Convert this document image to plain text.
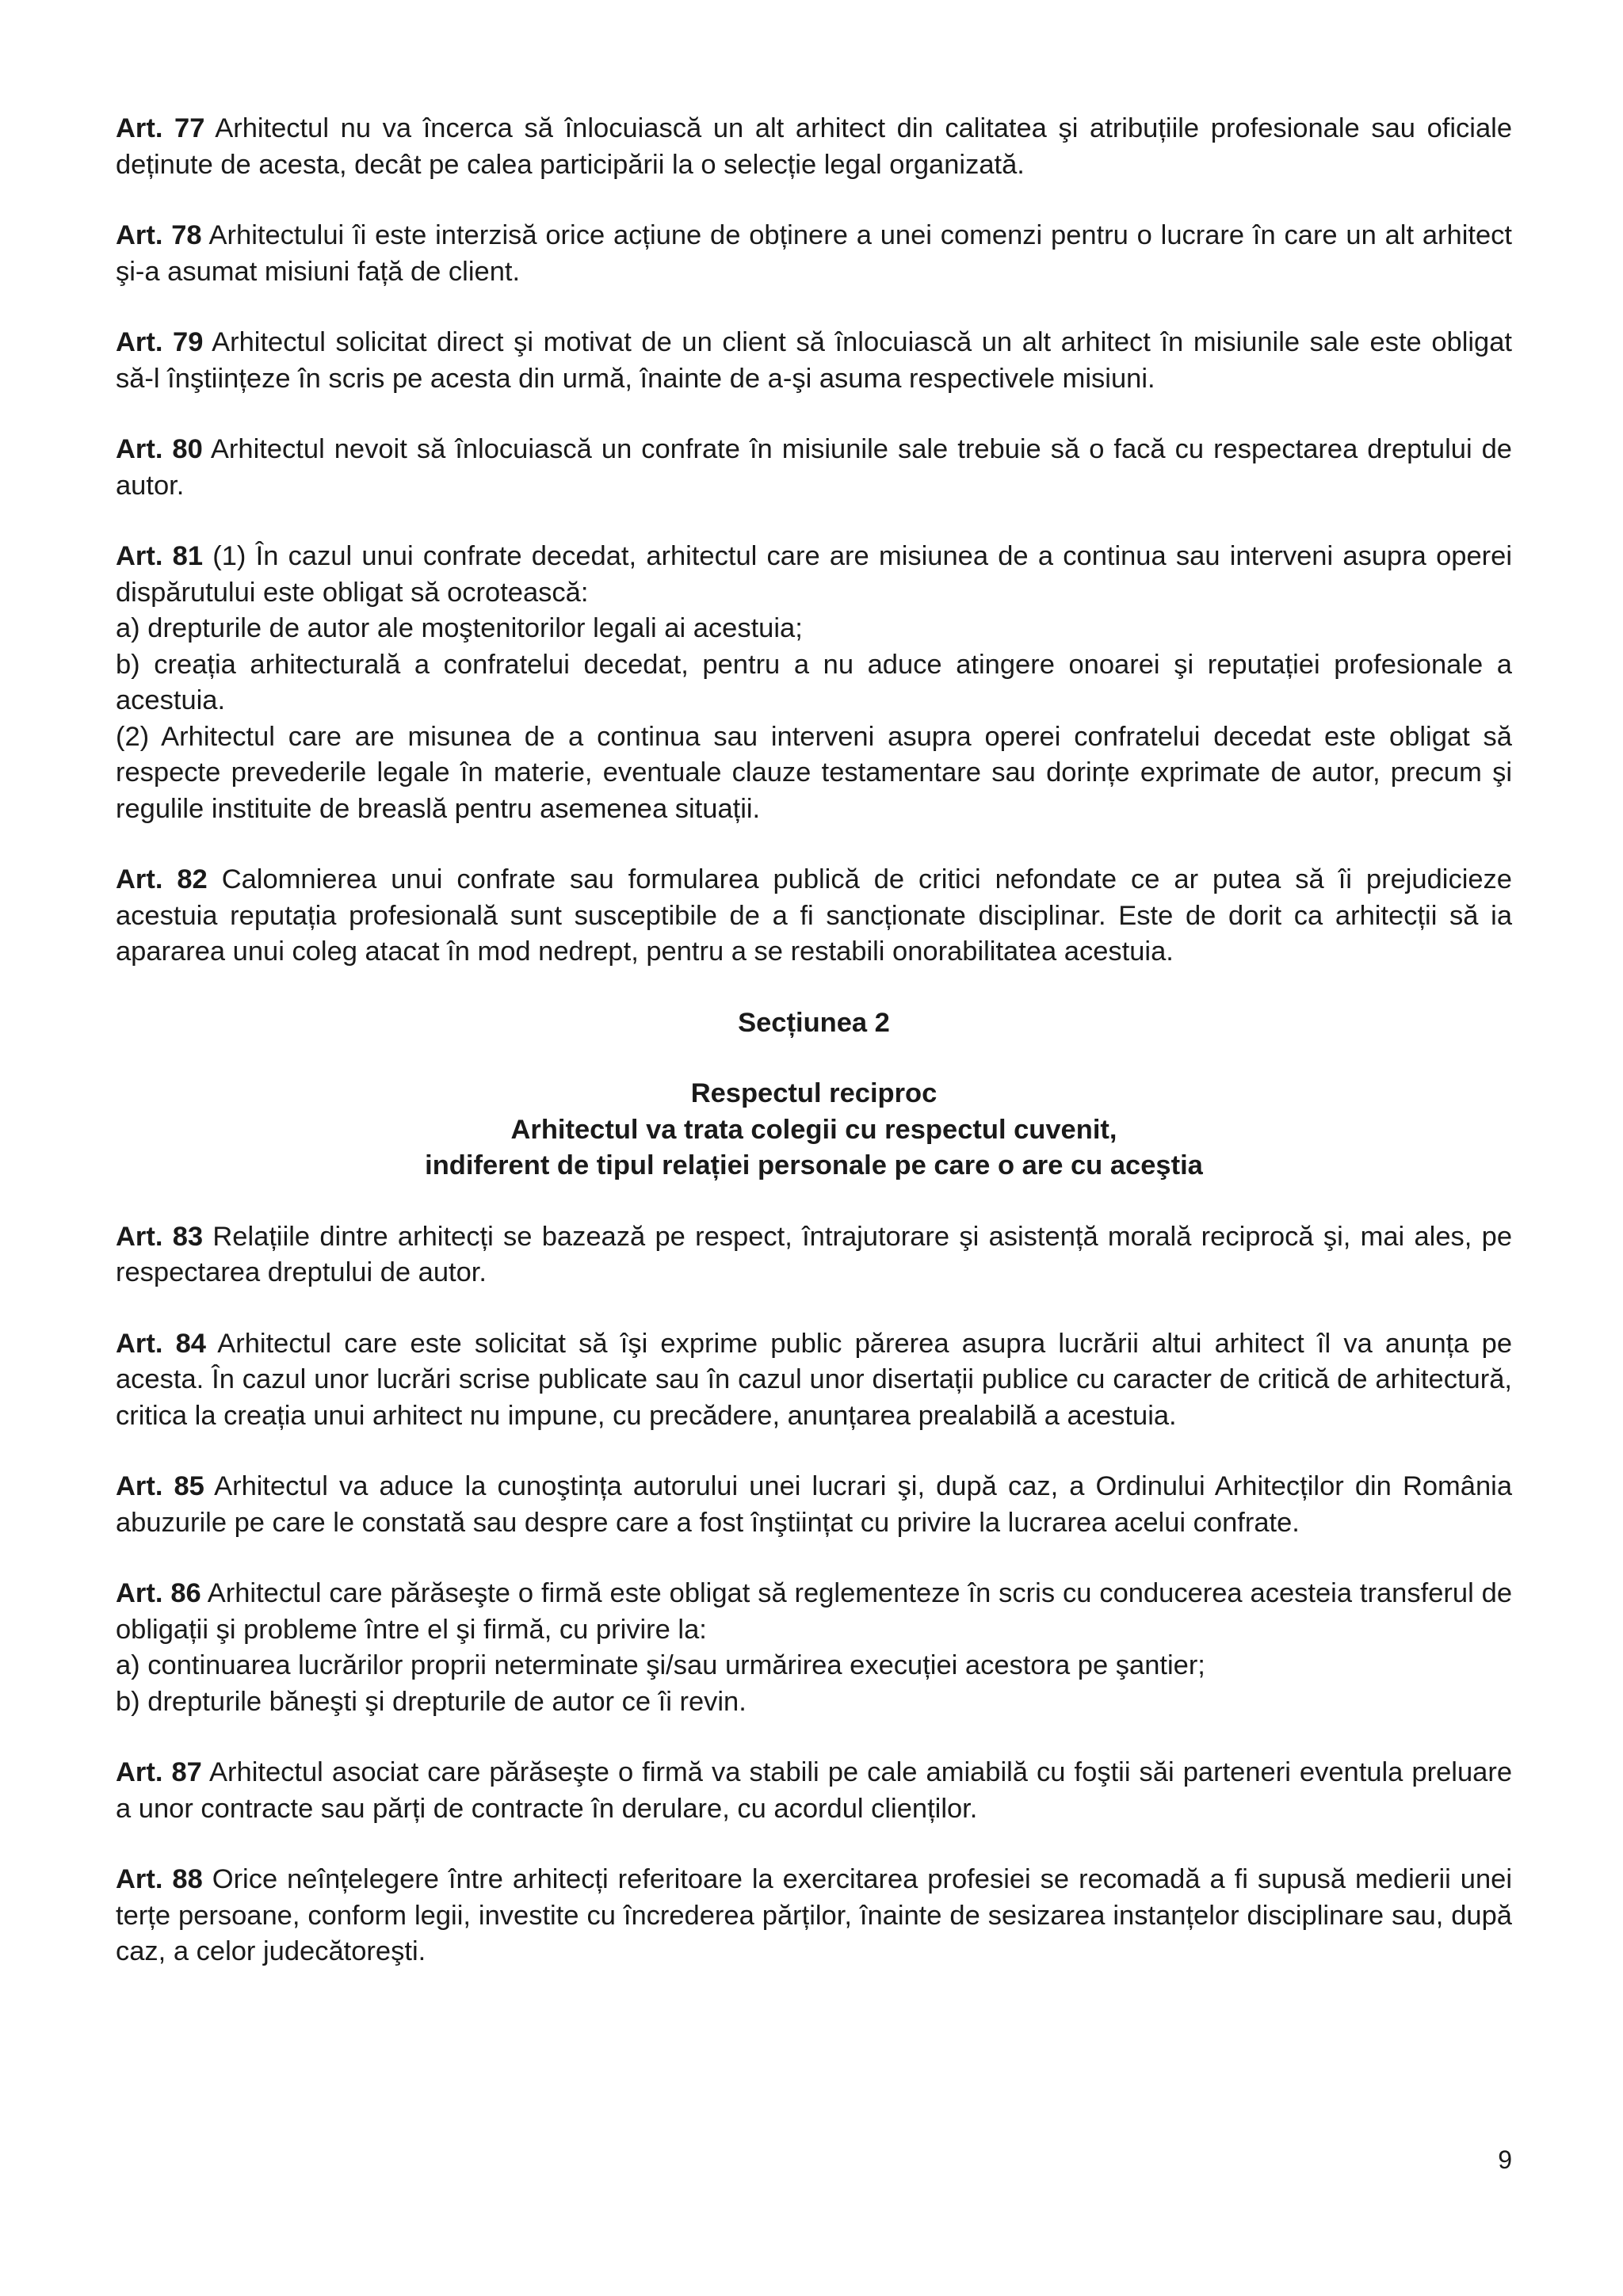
Art. 77 Arhitectul nu va încerca să înlocuiască un alt arhitect din calitatea şi atribuțiile profesionale sau oficiale deținute de acesta, decât pe calea participării la o selecție legal organizată.

Art. 78 Arhitectului îi este interzisă orice acțiune de obținere a unei comenzi pentru o lucrare în care un alt arhitect şi-a asumat misiuni față de client.

Art. 79 Arhitectul solicitat direct şi motivat de un client să înlocuiască un alt arhitect în misiunile sale este obligat să-l înştiințeze în scris pe acesta din urmă, înainte de a-şi asuma respectivele misiuni.

Art. 80 Arhitectul nevoit să înlocuiască un confrate în misiunile sale trebuie să o facă cu respectarea dreptului de autor.

Art. 81 (1) În cazul unui confrate decedat, arhitectul care are misiunea de a continua sau interveni asupra operei dispărutului este obligat să ocrotească:

a) drepturile de autor ale moştenitorilor legali ai acestuia;

b) creația arhitecturală a confratelui decedat, pentru a nu aduce atingere onoarei şi reputației profesionale a acestuia.

(2) Arhitectul care are misunea de a continua sau interveni asupra operei confratelui decedat este obligat să respecte prevederile legale în materie, eventuale clauze testamentare sau dorințe exprimate de autor, precum şi regulile instituite de breaslă pentru asemenea situații.

Art. 82 Calomnierea unui confrate sau formularea publică de critici nefondate ce ar putea să îi prejudicieze acestuia reputația profesională sunt susceptibile de a fi sancționate disciplinar. Este de dorit ca arhitecții să ia apararea unui coleg atacat în mod nedrept, pentru a se restabili onorabilitatea acestuia.

Secțiunea 2
Respectul reciproc
Arhitectul va trata colegii cu respectul cuvenit,
indiferent de tipul relației personale pe care o are cu aceştia

Art. 83 Relațiile dintre arhitecți se bazează pe respect, întrajutorare şi asistență morală reciprocă şi, mai ales, pe respectarea dreptului de autor.

Art. 84 Arhitectul care este solicitat să îşi exprime public părerea asupra lucrării altui arhitect îl va anunța pe acesta. În cazul unor lucrări scrise publicate sau în cazul unor disertații publice cu caracter de critică de arhitectură, critica la creația unui arhitect nu impune, cu precădere, anunțarea prealabilă a acestuia.

Art. 85 Arhitectul va aduce la cunoştința autorului unei lucrari şi, după caz, a Ordinului Arhitecților din România abuzurile pe care le constată sau despre care a fost înştiințat cu privire la lucrarea acelui confrate.

Art. 86 Arhitectul care părăseşte o firmă este obligat să reglementeze în scris cu conducerea acesteia transferul de obligații şi probleme între el şi firmă, cu privire la:

a) continuarea lucrărilor proprii neterminate şi/sau urmărirea execuției acestora pe şantier;

b) drepturile băneşti şi drepturile de autor ce îi revin.

Art. 87 Arhitectul asociat care părăseşte o firmă va stabili pe cale amiabilă cu foştii săi parteneri eventula preluare a unor contracte sau părți de contracte în derulare, cu acordul clienților.

Art. 88 Orice neînțelegere între arhitecți referitoare la exercitarea profesiei se recomadă a fi supusă medierii unei terțe persoane, conform legii, investite cu încrederea părților, înainte de sesizarea instanțelor disciplinare sau, după caz, a celor judecătoreşti.

9
